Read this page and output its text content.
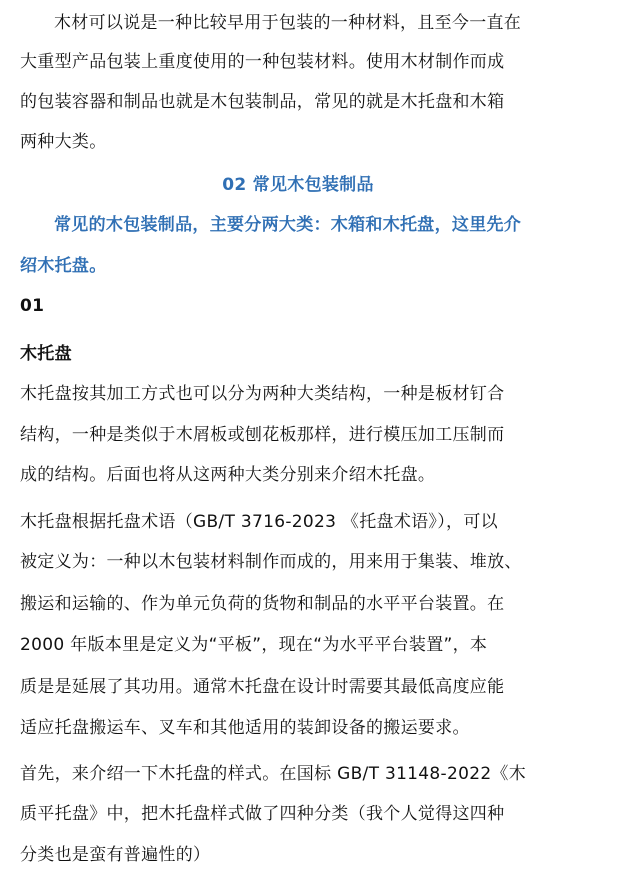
木材可以说是一种比较早用于包装的一种材料，且至今一直在
大重型产品包装上重度使用的一种包装材料。使用木材制作而成
的包装容器和制品也就是木包装制品，常见的就是木托盘和木箱
两种大类。
02 常见木包装制品
常见的木包装制品，主要分两大类：木箱和木托盘，这里先介
绍木托盘。
01
木托盘
木托盘按其加工方式也可以分为两种大类结构，一种是板材钉合
结构，一种是类似于木屑板或刨花板那样，进行模压加工压制而
成的结构。后面也将从这两种大类分别来介绍木托盘。
木托盘根据托盘术语（GB/T 3716-2023 《托盘术语》），可以
被定义为：一种以木包装材料制作而成的，用来用于集装、堆放、
搬运和运输的、作为单元负荷的货物和制品的水平平台装置。在
2000 年版本里是定义为“平板”，现在“为水平平台装置”，本
质是是延展了其功用。通常木托盘在设计时需要其最低高度应能
适应托盘搬运车、叉车和其他适用的装卸设备的搬运要求。
首先，来介绍一下木托盘的样式。在国标 GB/T 31148-2022《木
质平托盘》中，把木托盘样式做了四种分类（我个人觉得这四种
分类也是蛮有普遍性的）
